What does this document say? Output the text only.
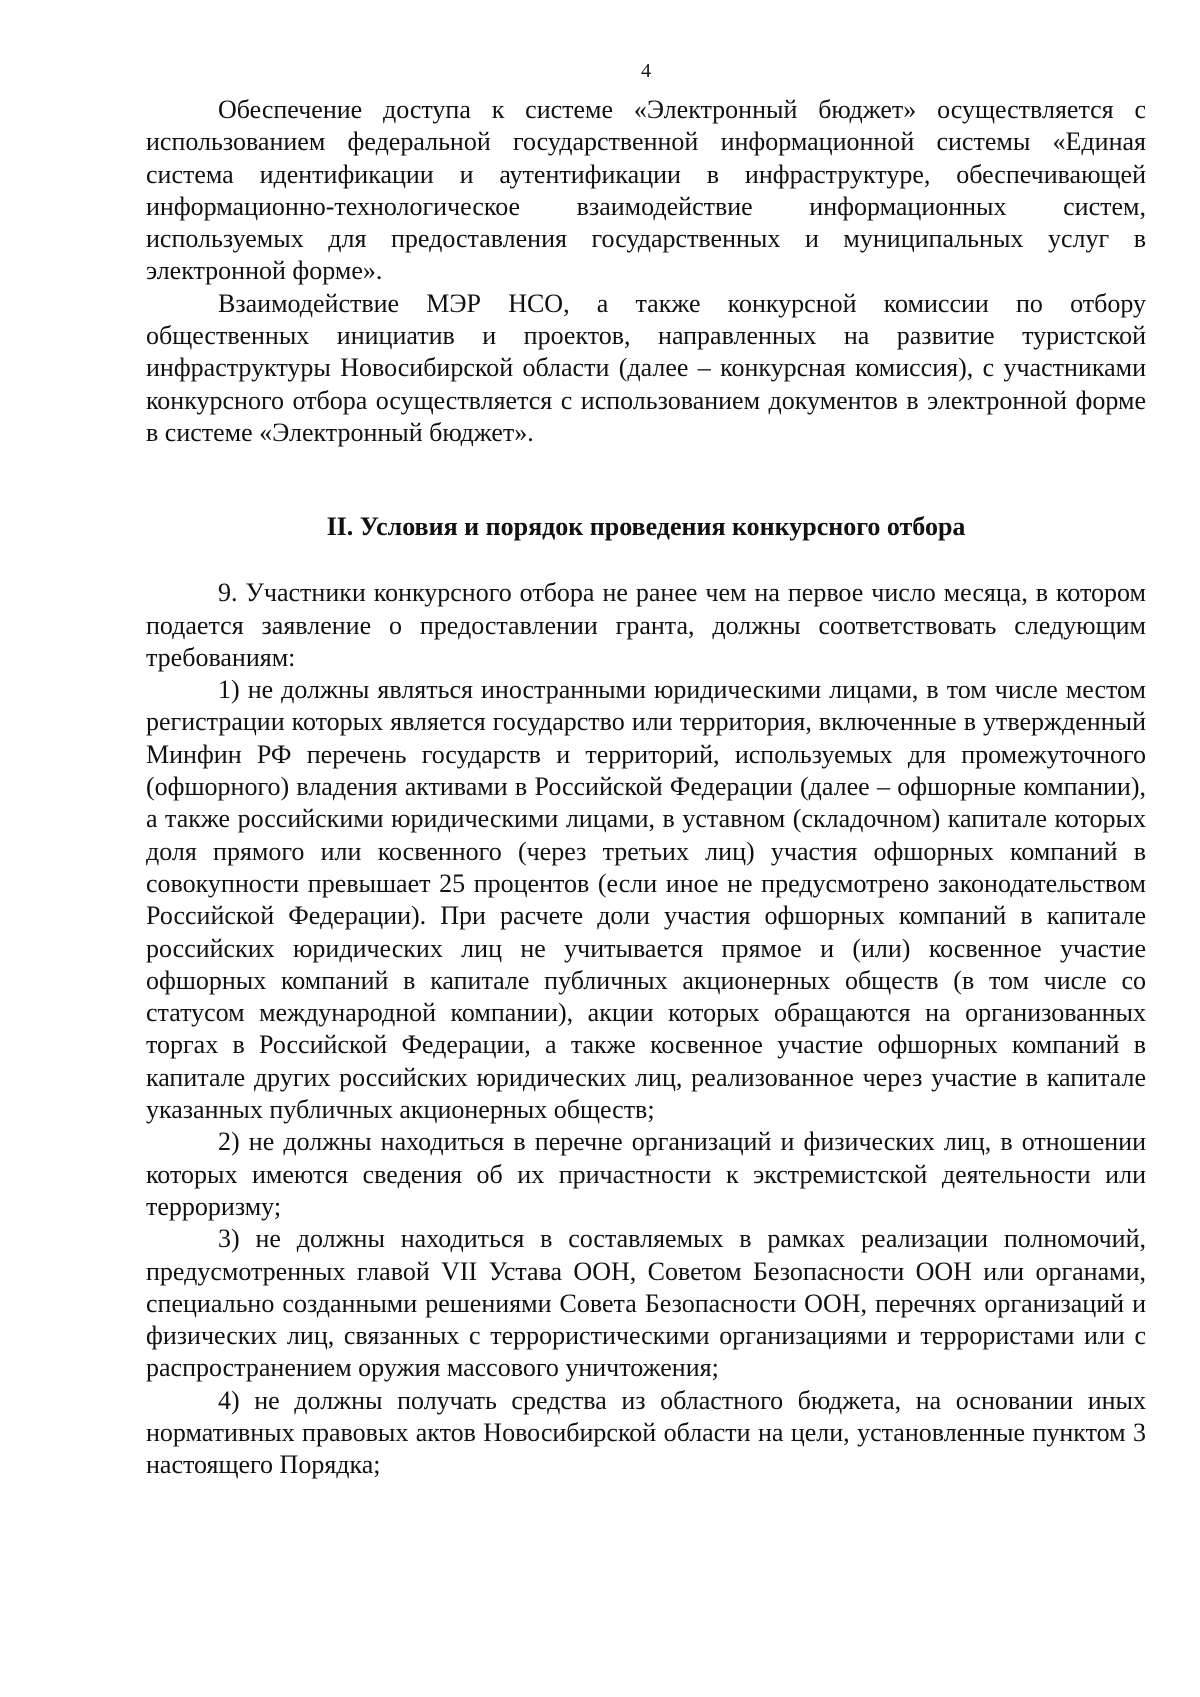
4

Обеспечение доступа к системе «Электронный бюджет» осуществляется с использованием федеральной государственной информационной системы «Единая система идентификации и аутентификации в инфраструктуре, обеспечивающей информационно-технологическое взаимодействие информационных систем, используемых для предоставления государственных и муниципальных услуг в электронной форме».

Взаимодействие МЭР НСО, а также конкурсной комиссии по отбору общественных инициатив и проектов, направленных на развитие туристской инфраструктуры Новосибирской области (далее – конкурсная комиссия), с участниками конкурсного отбора осуществляется с использованием документов в электронной форме в системе «Электронный бюджет».

II. Условия и порядок проведения конкурсного отбора

9. Участники конкурсного отбора не ранее чем на первое число месяца, в котором подается заявление о предоставлении гранта, должны соответствовать следующим требованиям:

1) не должны являться иностранными юридическими лицами, в том числе местом регистрации которых является государство или территория, включенные в утвержденный Минфин РФ перечень государств и территорий, используемых для промежуточного (офшорного) владения активами в Российской Федерации (далее – офшорные компании), а также российскими юридическими лицами, в уставном (складочном) капитале которых доля прямого или косвенного (через третьих лиц) участия офшорных компаний в совокупности превышает 25 процентов (если иное не предусмотрено законодательством Российской Федерации). При расчете доли участия офшорных компаний в капитале российских юридических лиц не учитывается прямое и (или) косвенное участие офшорных компаний в капитале публичных акционерных обществ (в том числе со статусом международной компании), акции которых обращаются на организованных торгах в Российской Федерации, а также косвенное участие офшорных компаний в капитале других российских юридических лиц, реализованное через участие в капитале указанных публичных акционерных обществ;

2) не должны находиться в перечне организаций и физических лиц, в отношении которых имеются сведения об их причастности к экстремистской деятельности или терроризму;

3) не должны находиться в составляемых в рамках реализации полномочий, предусмотренных главой VII Устава ООН, Советом Безопасности ООН или органами, специально созданными решениями Совета Безопасности ООН, перечнях организаций и физических лиц, связанных с террористическими организациями и террористами или с распространением оружия массового уничтожения;

4) не должны получать средства из областного бюджета, на основании иных нормативных правовых актов Новосибирской области на цели, установленные пунктом 3 настоящего Порядка;
